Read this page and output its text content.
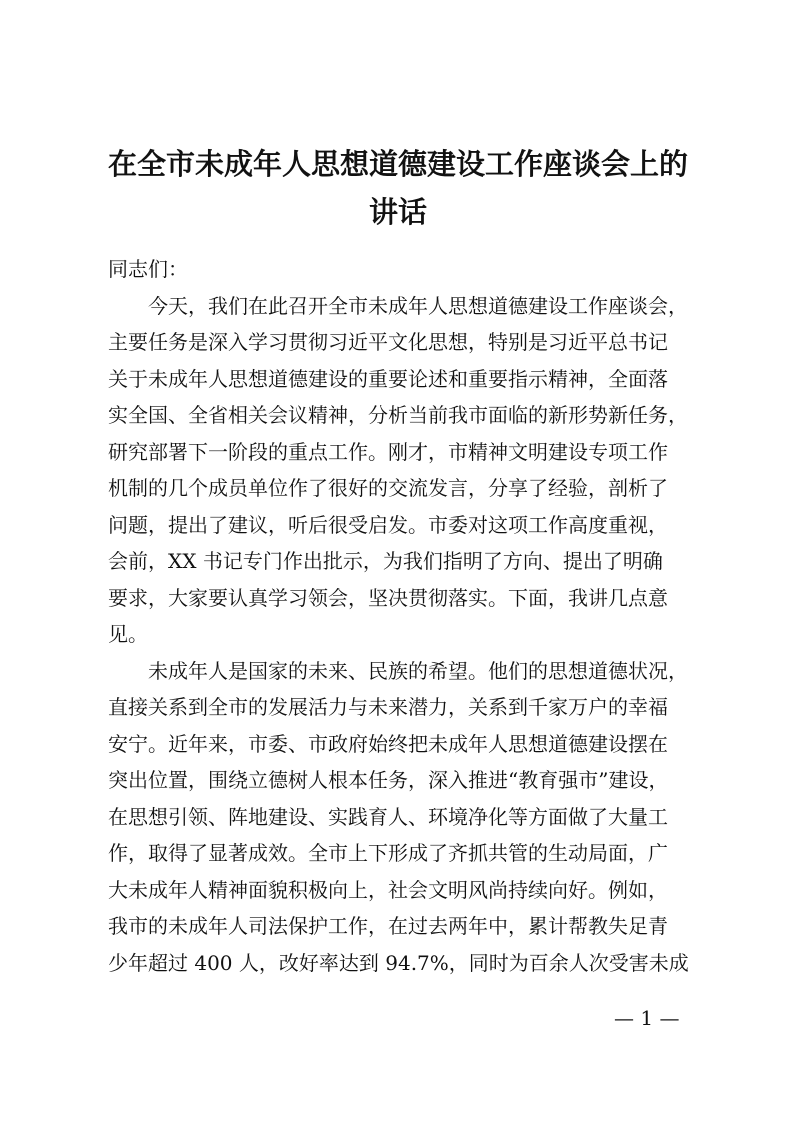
在全市未成年人思想道德建设工作座谈会上的
讲话

同志们：

今天，我们在此召开全市未成年人思想道德建设工作座谈会，
主要任务是深入学习贯彻习近平文化思想，特别是习近平总书记
关于未成年人思想道德建设的重要论述和重要指示精神，全面落
实全国、全省相关会议精神，分析当前我市面临的新形势新任务，
研究部署下一阶段的重点工作。刚才，市精神文明建设专项工作
机制的几个成员单位作了很好的交流发言，分享了经验，剖析了
问题，提出了建议，听后很受启发。市委对这项工作高度重视，
会前，XX 书记专门作出批示，为我们指明了方向、提出了明确
要求，大家要认真学习领会，坚决贯彻落实。下面，我讲几点意
见。
未成年人是国家的未来、民族的希望。他们的思想道德状况，
直接关系到全市的发展活力与未来潜力，关系到千家万户的幸福
安宁。近年来，市委、市政府始终把未成年人思想道德建设摆在
突出位置，围绕立德树人根本任务，深入推进“教育强市”建设，
在思想引领、阵地建设、实践育人、环境净化等方面做了大量工
作，取得了显著成效。全市上下形成了齐抓共管的生动局面，广
大未成年人精神面貌积极向上，社会文明风尚持续向好。例如，
我市的未成年人司法保护工作，在过去两年中，累计帮教失足青
少年超过 400 人，改好率达到 94.7%，同时为百余人次受害未成
— 1 —
